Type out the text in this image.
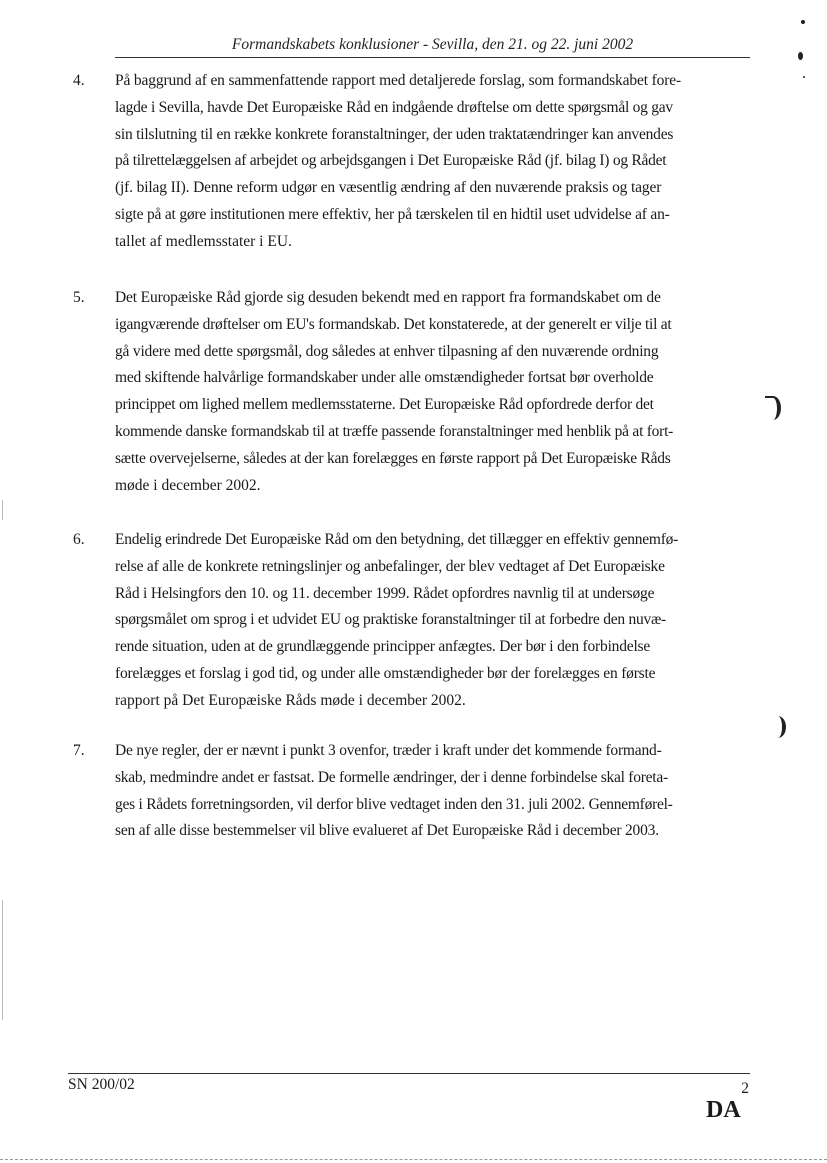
Formandskabets konklusioner - Sevilla, den 21. og 22. juni 2002
4. På baggrund af en sammenfattende rapport med detaljerede forslag, som formandskabet fore-
lagde i Sevilla, havde Det Europæiske Råd en indgående drøftelse om dette spørgsmål og gav
sin tilslutning til en række konkrete foranstaltninger, der uden traktatændringer kan anvendes
på tilrettelæggelsen af arbejdet og arbejdsgangen i Det Europæiske Råd (jf. bilag I) og Rådet
(jf. bilag II). Denne reform udgør en væsentlig ændring af den nuværende praksis og tager
sigte på at gøre institutionen mere effektiv, her på tærskelen til en hidtil uset udvidelse af an-
tallet af medlemsstater i EU.
5. Det Europæiske Råd gjorde sig desuden bekendt med en rapport fra formandskabet om de
igangværende drøftelser om EU's formandskab. Det konstaterede, at der generelt er vilje til at
gå videre med dette spørgsmål, dog således at enhver tilpasning af den nuværende ordning
med skiftende halvårlige formandskaber under alle omstændigheder fortsat bør overholde
princippet om lighed mellem medlemsstaterne. Det Europæiske Råd opfordrede derfor det
kommende danske formandskab til at træffe passende foranstaltninger med henblik på at fort-
sætte overvejelserne, således at der kan forelægges en første rapport på Det Europæiske Råds
møde i december 2002.
6. Endelig erindrede Det Europæiske Råd om den betydning, det tillægger en effektiv gennemfø-
relse af alle de konkrete retningslinjer og anbefalinger, der blev vedtaget af Det Europæiske
Råd i Helsingfors den 10. og 11. december 1999. Rådet opfordres navnlig til at undersøge
spørgsmålet om sprog i et udvidet EU og praktiske foranstaltninger til at forbedre den nuvæ-
rende situation, uden at de grundlæggende principper anfægtes. Der bør i den forbindelse
forelægges et forslag i god tid, og under alle omstændigheder bør der forelægges en første
rapport på Det Europæiske Råds møde i december 2002.
7. De nye regler, der er nævnt i punkt 3 ovenfor, træder i kraft under det kommende formand-
skab, medmindre andet er fastsat. De formelle ændringer, der i denne forbindelse skal foreta-
ges i Rådets forretningsorden, vil derfor blive vedtaget inden den 31. juli 2002. Gennemførel-
sen af alle disse bestemmelser vil blive evalueret af Det Europæiske Råd i december 2003.
SN 200/02	2
DA
